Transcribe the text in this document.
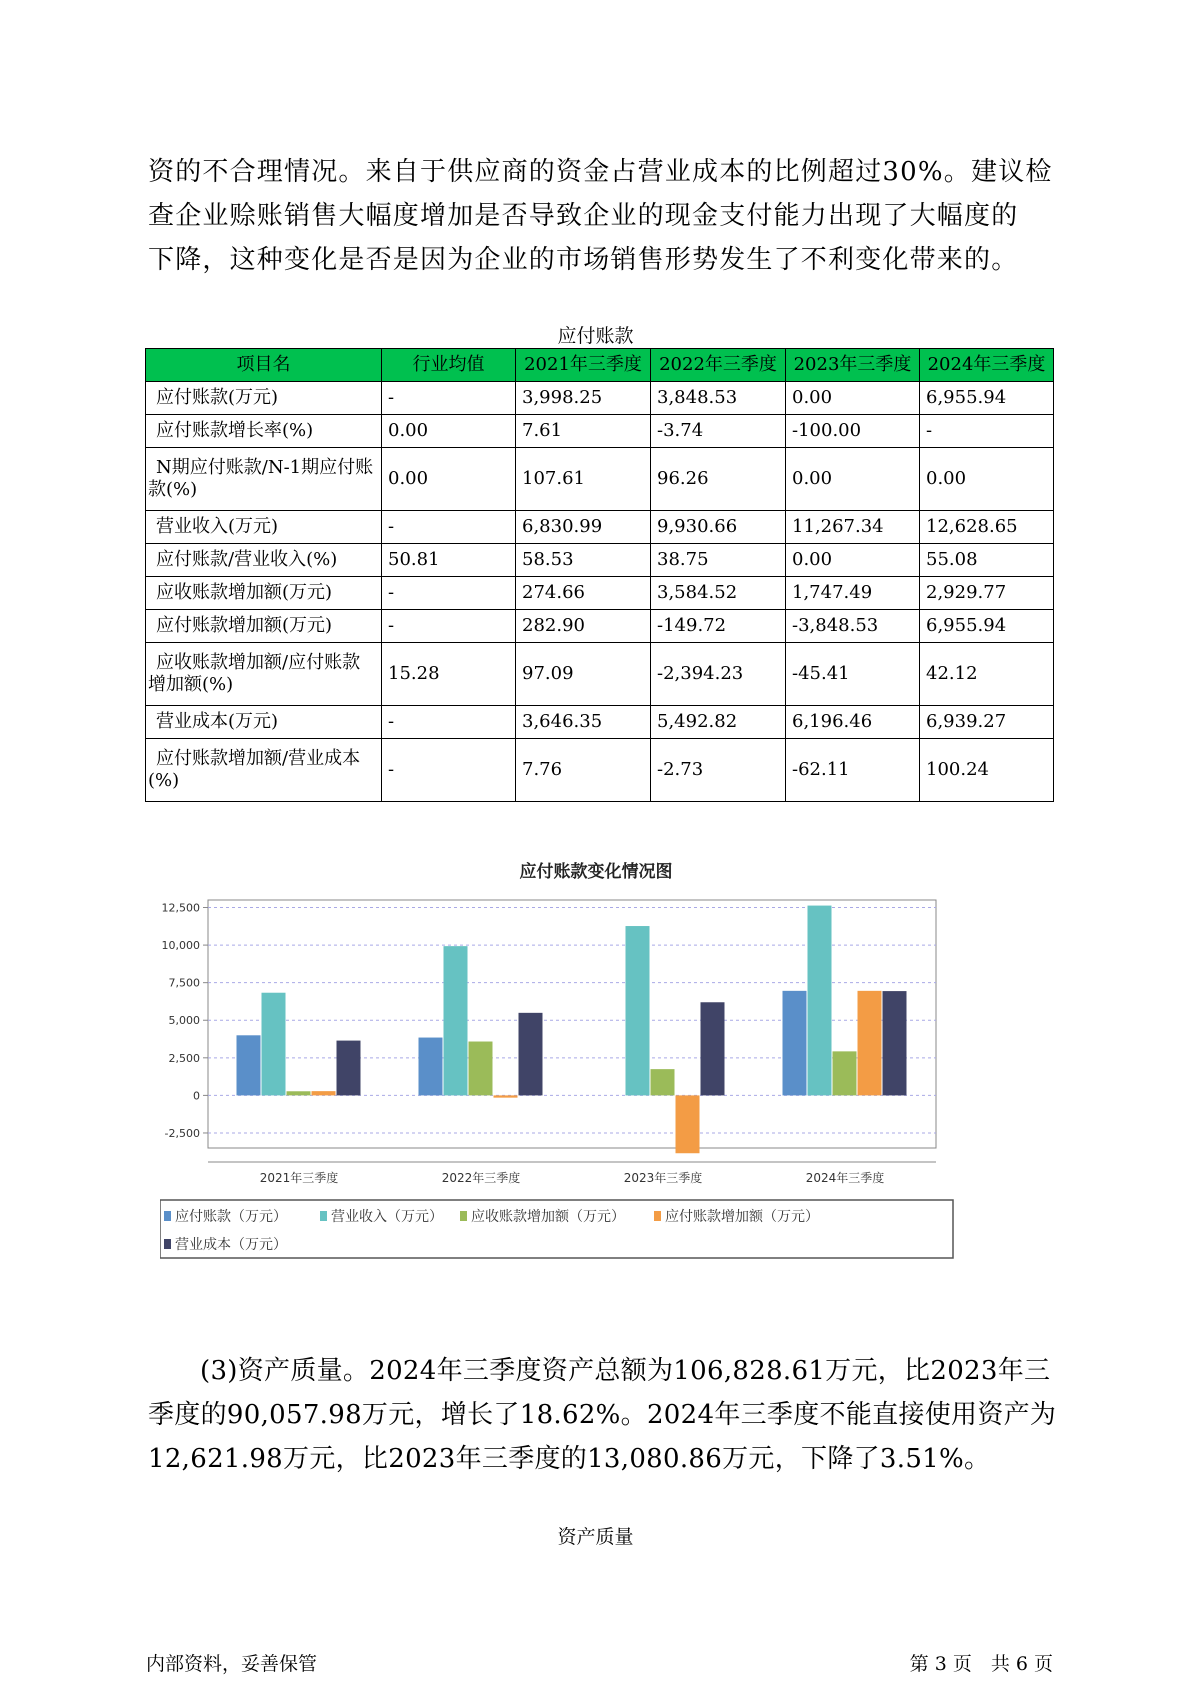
资的不合理情况。来自于供应商的资金占营业成本的比例超过30%。建议检

查企业赊账销售大幅度增加是否导致企业的现金支付能力出现了大幅度的

下降，这种变化是否是因为企业的市场销售形势发生了不利变化带来的。

应付账款
项目名	行业均值	2021年三季度	2022年三季度	2023年三季度	2024年三季度
应付账款(万元)	-	3,998.25	3,848.53	0.00	6,955.94
应付账款增长率(%)	0.00	7.61	-3.74	-100.00	-
N期应付账款/N-1期应付账款(%)	0.00	107.61	96.26	0.00	0.00
营业收入(万元)	-	6,830.99	9,930.66	11,267.34	12,628.65
应付账款/营业收入(%)	50.81	58.53	38.75	0.00	55.08
应收账款增加额(万元)	-	274.66	3,584.52	1,747.49	2,929.77
应付账款增加额(万元)	-	282.90	-149.72	-3,848.53	6,955.94
应收账款增加额/应付账款增加额(%)	15.28	97.09	-2,394.23	-45.41	42.12
营业成本(万元)	-	3,646.35	5,492.82	6,196.46	6,939.27
应付账款增加额/营业成本(%)	-	7.76	-2.73	-62.11	100.24
应付账款变化情况图
12,500
10,000
7,500
5,000
2,500
0
-2,500
2021年三季度	2022年三季度	2023年三季度	2024年三季度
应付账款（万元）	营业收入（万元） 应收账款增加额（万元）	应付账款增加额（万元）
营业成本（万元）

(3)资产质量。2024年三季度资产总额为106,828.61万元，比2023年三

季度的90,057.98万元，增长了18.62%。2024年三季度不能直接使用资产为

12,621.98万元，比2023年三季度的13,080.86万元，下降了3.51%。

资产质量
内部资料，妥善保管	第 3 页　共 6 页
